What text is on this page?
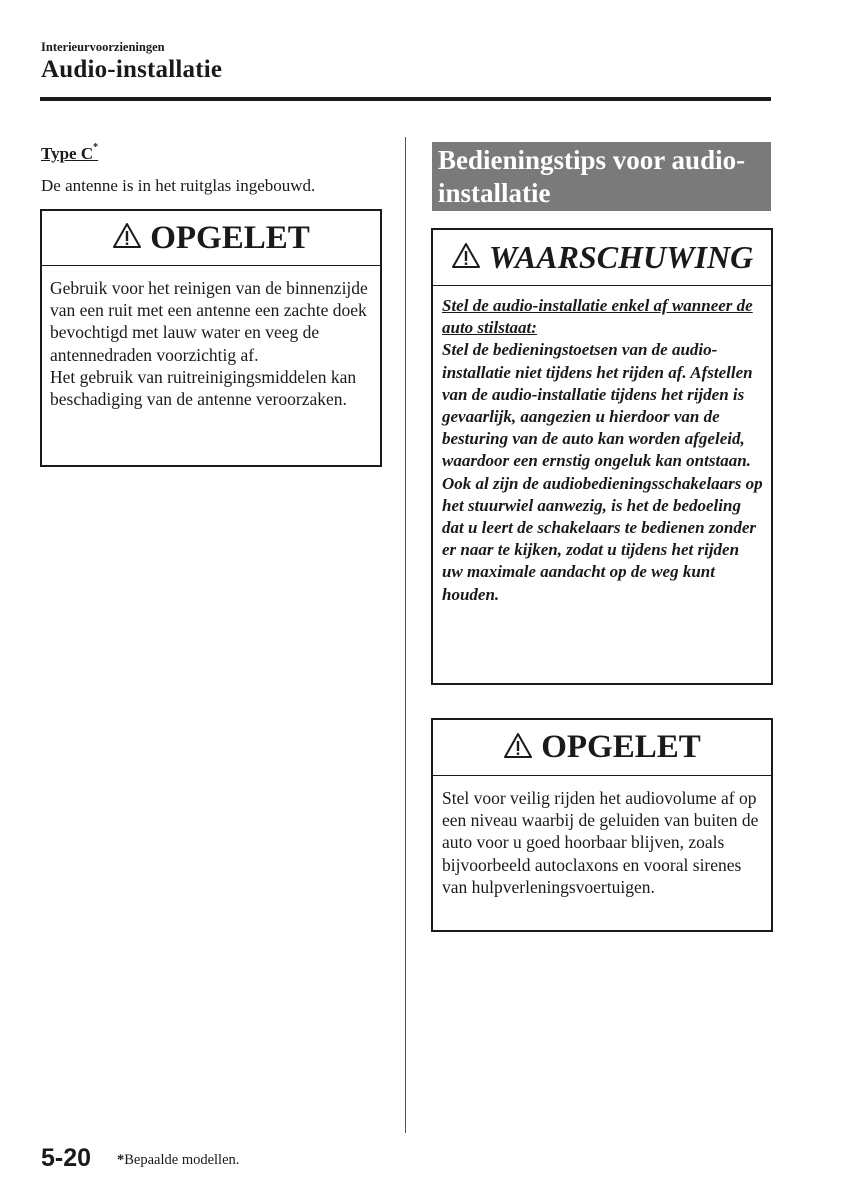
Interieurvoorzieningen
Audio-installatie
Type C*
De antenne is in het ruitglas ingebouwd.
OPGELET

Gebruik voor het reinigen van de binnenzijde van een ruit met een antenne een zachte doek bevochtigd met lauw water en veeg de antennedraden voorzichtig af.

Het gebruik van ruitreinigingsmiddelen kan beschadiging van de antenne veroorzaken.

Bedieningstips voor audio-installatie
WAARSCHUWING

Stel de audio-installatie enkel af wanneer de auto stilstaat:

Stel de bedieningstoetsen van de audio-installatie niet tijdens het rijden af. Afstellen van de audio-installatie tijdens het rijden is gevaarlijk, aangezien u hierdoor van de besturing van de auto kan worden afgeleid, waardoor een ernstig ongeluk kan ontstaan.

Ook al zijn de audiobedieningsschakelaars op het stuurwiel aanwezig, is het de bedoeling dat u leert de schakelaars te bedienen zonder er naar te kijken, zodat u tijdens het rijden uw maximale aandacht op de weg kunt houden.

OPGELET

Stel voor veilig rijden het audiovolume af op een niveau waarbij de geluiden van buiten de auto voor u goed hoorbaar blijven, zoals bijvoorbeeld autoclaxons en vooral sirenes van hulpverleningsvoertuigen.

5-20 *Bepaalde modellen.
